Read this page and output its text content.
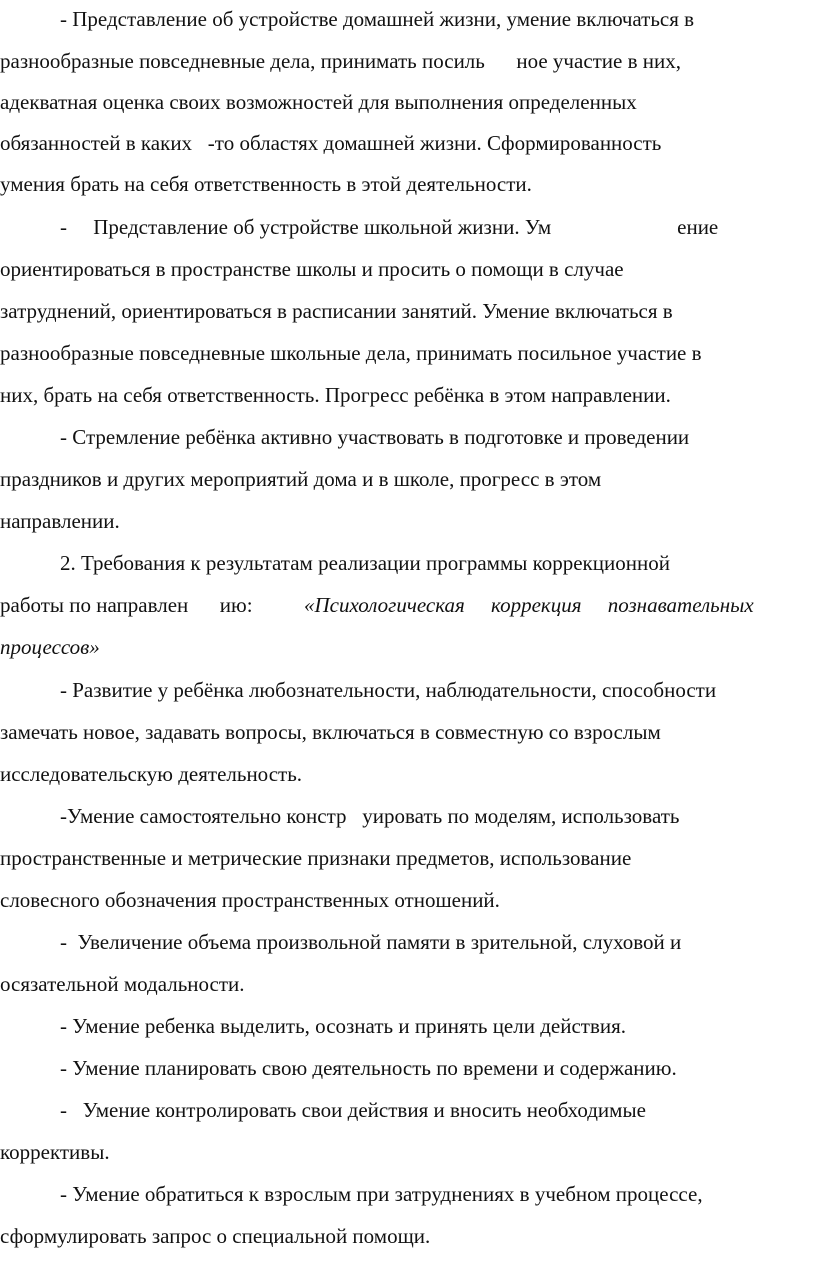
- Представление об устройстве домашней жизни, умение включаться в
разнообразные повседневные дела, принимать посиль      ное участие в них,
адекватная оценка своих возможностей для выполнения определенных
обязанностей в каких   -то областях домашней жизни. Сформированность
умения брать на себя ответственность в этой деятельности.
-     Представление об устройстве школьной жизни. Ум                        ение
ориентироваться в пространстве школы и просить о помощи в случае
затруднений, ориентироваться в расписании занятий. Умение включаться в
разнообразные повседневные школьные дела, принимать посильное участие в
них, брать на себя ответственность. Прогресс ребёнка в этом направлении.
- Стремление ребёнка активно участвовать в подготовке и проведении
праздников и других мероприятий дома и в школе, прогресс в этом
направлении.
2. Требования к результатам реализации программы коррекционной
работы по направлен      ию: «Психологическая     коррекция     познавательных
процессов»
- Развитие у ребёнка любознательности, наблюдательности, способности
замечать новое, задавать вопросы, включаться в совместную со взрослым
исследовательскую деятельность.
-Умение самостоятельно констр   уировать по моделям, использовать
пространственные и метрические признаки предметов, использование
словесного обозначения пространственных отношений.
-  Увеличение объема произвольной памяти в зрительной, слуховой и
осязательной модальности.
- Умение ребенка выделить, осознать и принять цели действия.
- Умение планировать свою деятельность по времени и содержанию.
-   Умение контролировать свои действия и вносить необходимые
коррективы.
- Умение обратиться к взрослым при затруднениях в учебном процессе,
сформулировать запрос о специальной помощи.
